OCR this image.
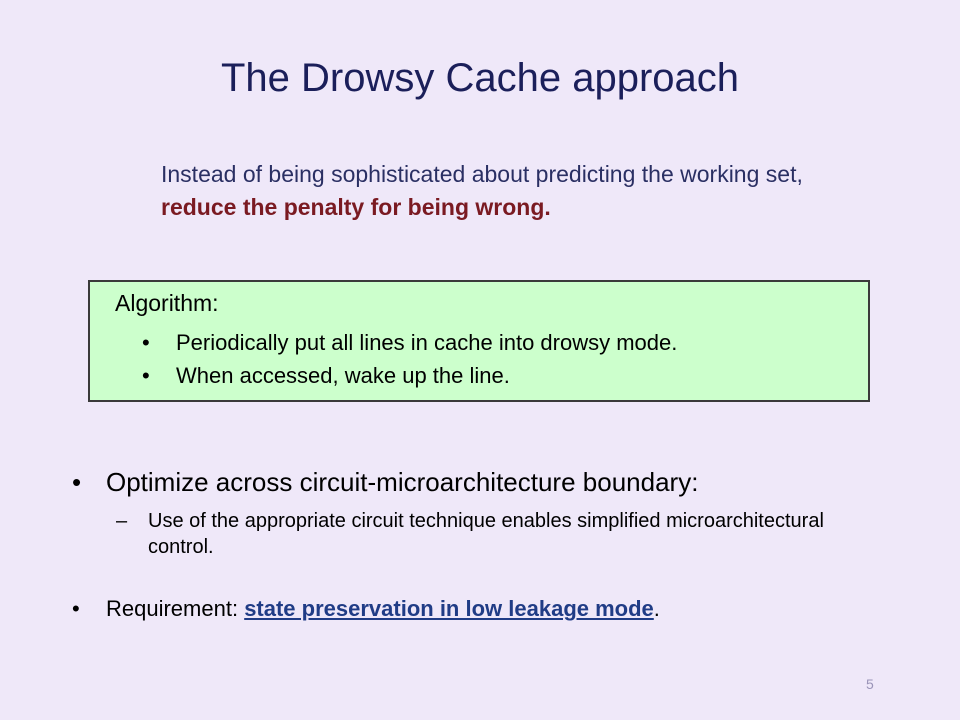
The Drowsy Cache approach
Instead of being sophisticated about predicting the working set, reduce the penalty for being wrong.
Algorithm:
• Periodically put all lines in cache into drowsy mode.
• When accessed, wake up the line.
• Optimize across circuit-microarchitecture boundary:
– Use of the appropriate circuit technique enables simplified microarchitectural control.
• Requirement: state preservation in low leakage mode.
5
